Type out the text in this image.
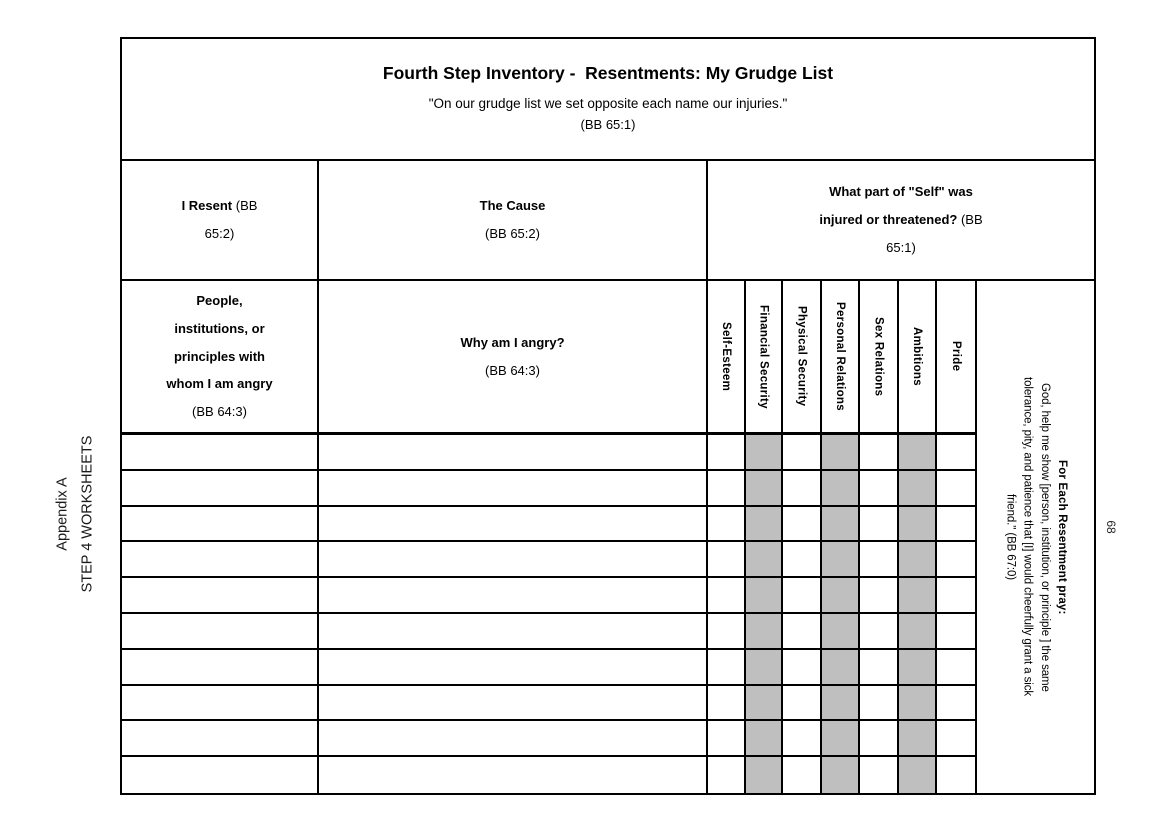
Appendix A STEP 4 WORKSHEETS	68
Fourth Step Inventory -  Resentments: My Grudge List
"On our grudge list we set opposite each name our injuries."
(BB 65:1)
I Resent (BB
65:2)
The Cause
(BB 65:2)
What part of "Self" was
injured or threatened? (BB
65:1)
People,
institutions, or
principles with
whom I am angry
(BB 64:3)
Why am I angry?
(BB 64:3)	Self-Esteem Financial Security Physical Security Personal Relations Sex Relations Ambitions Pride
For Each Resentment pray:
God, help me show [person, institution, or principle ] the same
tolerance, pity, and patience that [I] would cheerfully grant a sick
friend." (BB 67:0)
